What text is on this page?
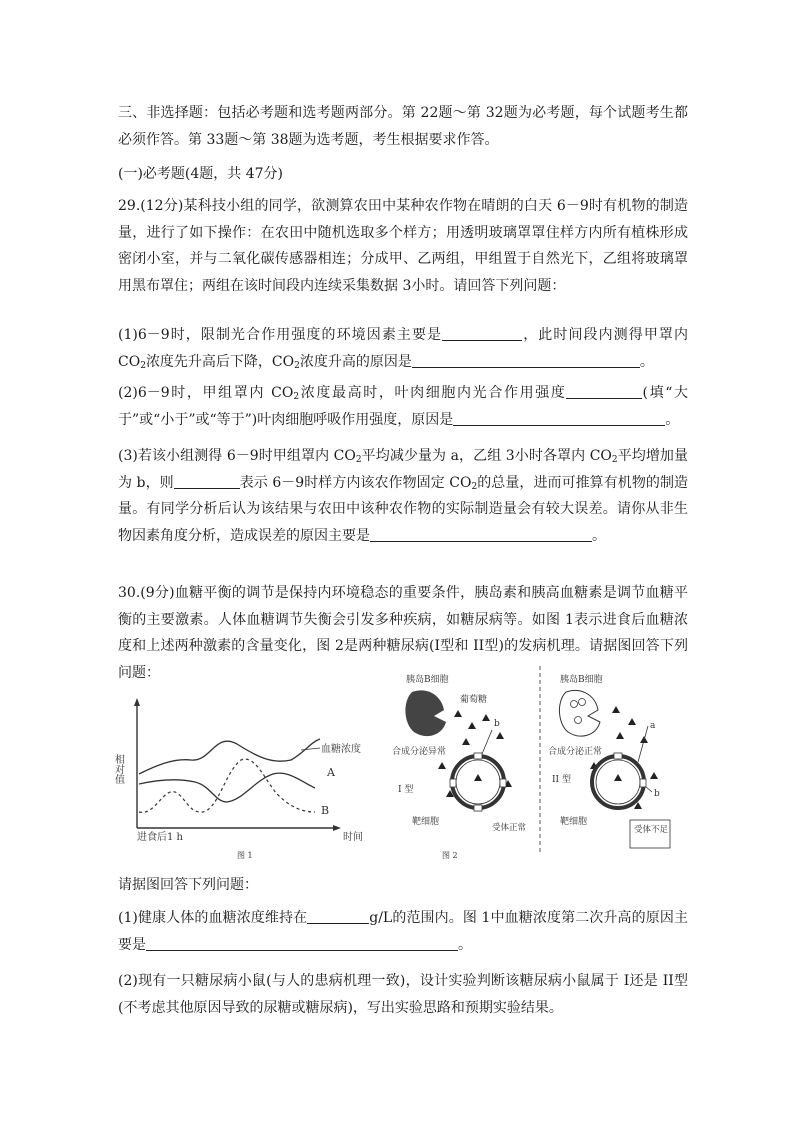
三、非选择题：包括必考题和选考题两部分。第 22题～第 32题为必考题，每个试题考生都必须作答。第 33题～第 38题为选考题，考生根据要求作答。
(一)必考题(4题，共 47分)
29.(12分)某科技小组的同学，欲测算农田中某种农作物在晴朗的白天 6－9时有机物的制造量，进行了如下操作：在农田中随机选取多个样方；用透明玻璃罩罩住样方内所有植株形成密闭小室，并与二氧化碳传感器相连；分成甲、乙两组，甲组置于自然光下，乙组将玻璃罩用黑布罩住；两组在该时间段内连续采集数据 3小时。请回答下列问题：
(1)6－9时，限制光合作用强度的环境因素主要是	，此时间段内测得甲罩内 $CO_2$浓度先升高后下降，$CO_2$浓度升高的原因是	。
(2)6－9时，甲组罩内 $CO_2$浓度最高时，叶肉细胞内光合作用强度	(填“大于”或“小于”或“等于”)叶肉细胞呼吸作用强度，原因是	。
(3)若该小组测得 6－9时甲组罩内 $CO_2$平均减少量为 a，乙组 3小时各罩内 $CO_2$平均增加量为 b，则	表示 6－9时样方内该农作物固定 $CO_2$的总量，进而可推算有机物的制造量。有同学分析后认为该结果与农田中该种农作物的实际制造量会有较大误差。请你从非生物因素角度分析，造成误差的原因主要是	。
30.(9分)血糖平衡的调节是保持内环境稳态的重要条件，胰岛素和胰高血糖素是调节血糖平衡的主要激素。人体血糖调节失衡会引发多种疾病，如糖尿病等。如图 1表示进食后血糖浓度和上述两种激素的含量变化，图 2是两种糖尿病(I型和 II型)的发病机理。请据图回答下列问题：
相对值
血糖浓度
A
B
进食后1 h	时间
图 1
胰岛B细胞
葡萄糖
b
合成分泌异常
I 型
靶细胞
受体正常
图 2
胰岛B细胞
a
b
合成分泌正常
II 型
靶细胞
受体不足
请据图回答下列问题：
(1)健康人体的血糖浓度维持在	g/L的范围内。图 1中血糖浓度第二次升高的原因主要是	。
(2)现有一只糖尿病小鼠(与人的患病机理一致)，设计实验判断该糖尿病小鼠属于 I还是 II型(不考虑其他原因导致的尿糖或糖尿病)，写出实验思路和预期实验结果。
